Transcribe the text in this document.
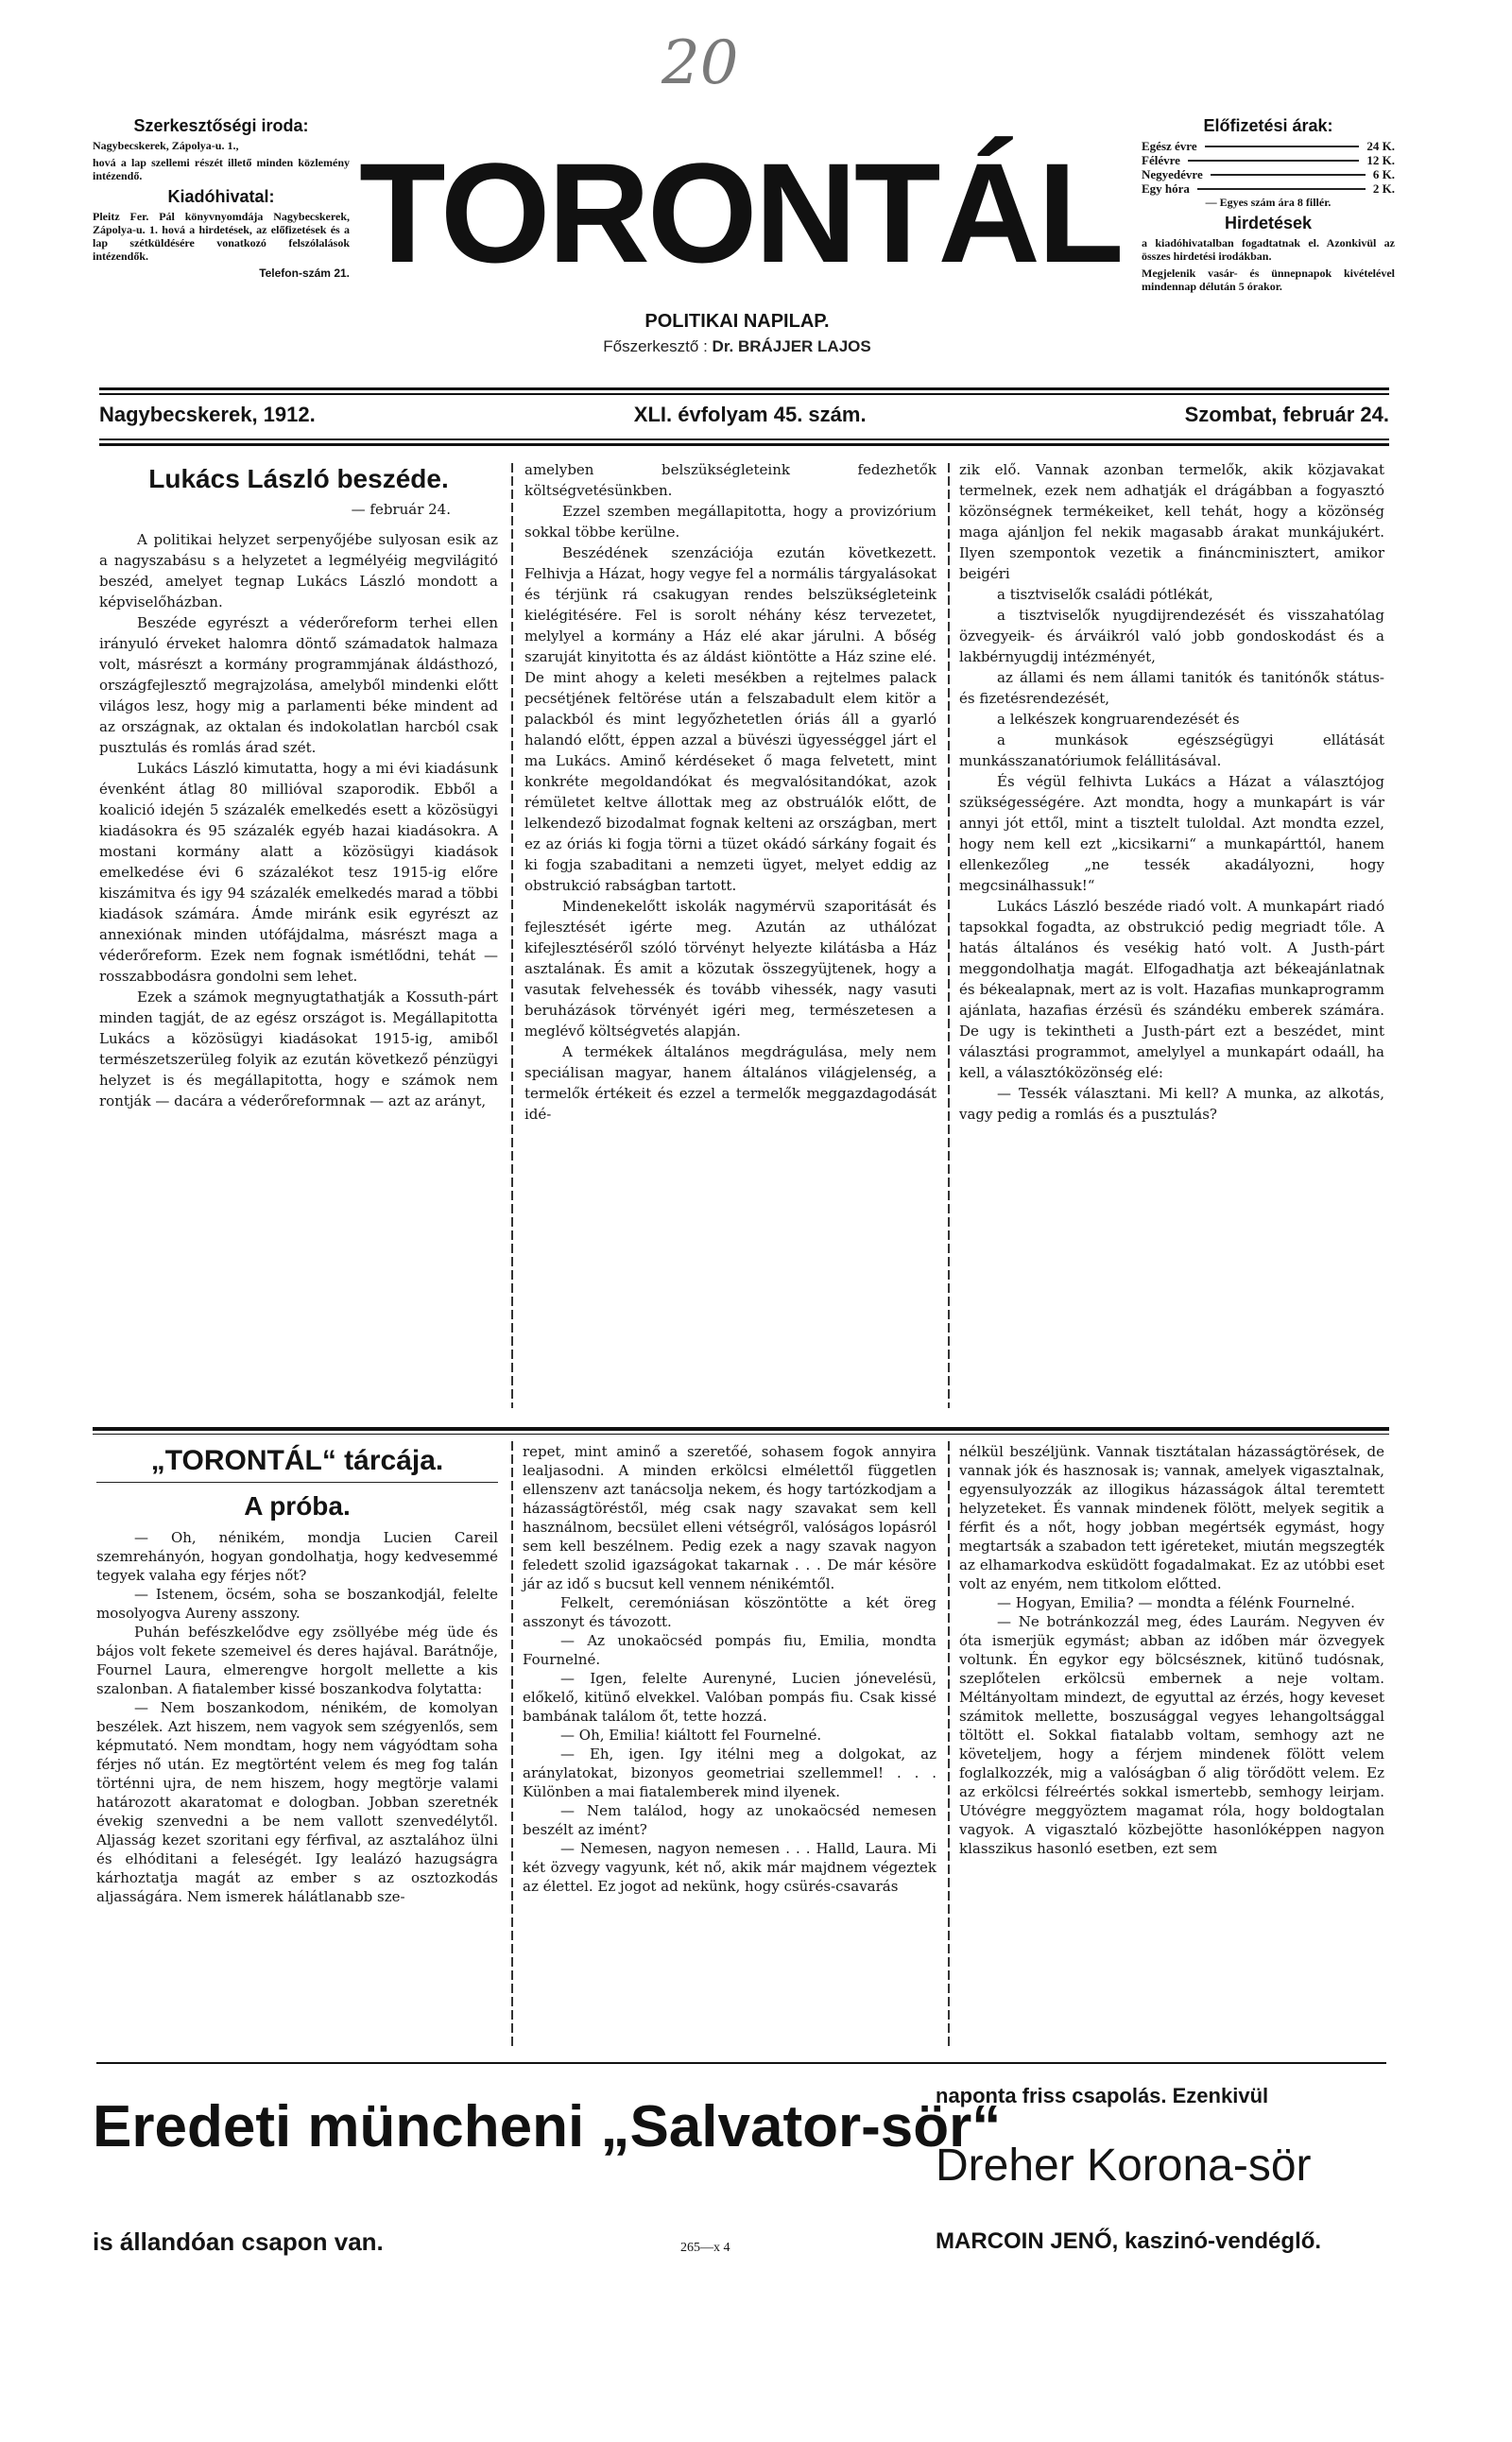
20
Szerkesztőségi iroda:
Nagybecskerek, Zápolya-u. 1.,
hová a lap szellemi részét illető minden közlemény intézendő.
Kiadóhivatal:
Pleitz Fer. Pál könyvnyomdája Nagybecskerek, Zápolya-u. 1. hová a hirdetések, az előfizetések és a lap szétküldésére vonatkozó felszólalások intézendők.
Telefon-szám 21. TORONTÁL
POLITIKAI NAPILAP.
Főszerkesztő : Dr. BRÁJJER LAJOS
Előfizetési árak:
Egész évre	24 K.
Félévre	12 K.
Negyedévre	6 K.
Egy hóra	2 K.
— Egyes szám ára 8 fillér.
Hirdetések
a kiadóhivatalban fogadtatnak el. Azonkivül az összes hirdetési irodákban.
Megjelenik vasár- és ünnepnapok kivételével mindennap délután 5 órakor.
Nagybecskerek, 1912.	XLI. évfolyam 45. szám.	Szombat, február 24.
Lukács László beszéde.
— február 24.

A politikai helyzet serpenyőjébe sulyosan esik az a nagyszabásu s a helyzetet a legmélyéig megvilágitó beszéd, amelyet tegnap Lukács László mondott a képviselőházban.

Beszéde egyrészt a véderőreform terhei ellen irányuló érveket halomra döntő számadatok halmaza volt, másrészt a kormány programmjának áldásthozó, országfejlesztő megrajzolása, amelyből mindenki előtt világos lesz, hogy mig a parlamenti béke mindent ad az országnak, az oktalan és indokolatlan harcból csak pusztulás és romlás árad szét.

Lukács László kimutatta, hogy a mi évi kiadásunk évenként átlag 80 millióval szaporodik. Ebből a koalició idején 5 százalék emelkedés esett a közösügyi kiadásokra és 95 százalék egyéb hazai kiadásokra. A mostani kormány alatt a közösügyi kiadások emelkedése évi 6 százalékot tesz 1915-ig előre kiszámitva és igy 94 százalék emelkedés marad a többi kiadások számára. Ámde miránk esik egyrészt az annexiónak minden utófájdalma, másrészt maga a véderőreform. Ezek nem fognak ismétlődni, tehát — rosszabbodásra gondolni sem lehet.

Ezek a számok megnyugtathatják a Kossuth-párt minden tagját, de az egész országot is. Megállapitotta Lukács a közösügyi kiadásokat 1915-ig, amiből természetszerüleg folyik az ezután következő pénzügyi helyzet is és megállapitotta, hogy e számok nem rontják — dacára a véderőreformnak — azt az arányt,

amelyben belszükségleteink fedezhetők költségvetésünkben.

Ezzel szemben megállapitotta, hogy a provizórium sokkal többe kerülne.

Beszédének szenzációja ezután következett. Felhivja a Házat, hogy vegye fel a normális tárgyalásokat és térjünk rá csakugyan rendes belszükségleteink kielégitésére. Fel is sorolt néhány kész tervezetet, melylyel a kormány a Ház elé akar járulni. A bőség szaruját kinyitotta és az áldást kiöntötte a Ház szine elé. De mint ahogy a keleti mesékben a rejtelmes palack pecsétjének feltörése után a felszabadult elem kitör a palackból és mint legyőzhetetlen óriás áll a gyarló halandó előtt, éppen azzal a büvészi ügyességgel járt el ma Lukács. Aminő kérdéseket ő maga felvetett, mint konkréte megoldandókat és megvalósitandókat, azok rémületet keltve állottak meg az obstruálók előtt, de lelkendező bizodalmat fognak kelteni az országban, mert ez az óriás ki fogja törni a tüzet okádó sárkány fogait és ki fogja szabaditani a nemzeti ügyet, melyet eddig az obstrukció rabságban tartott.

Mindenekelőtt iskolák nagymérvü szaporitását és fejlesztését igérte meg. Azután az uthálózat kifejlesztéséről szóló törvényt helyezte kilátásba a Ház asztalának. És amit a közutak összegyüjtenek, hogy a vasutak felvehessék és tovább vihessék, nagy vasuti beruházások törvényét igéri meg, természetesen a meglévő költségvetés alapján.

A termékek általános megdrágulása, mely nem speciálisan magyar, hanem általános világjelenség, a termelők értékeit és ezzel a termelők meggazdagodását idé-

zik elő. Vannak azonban termelők, akik közjavakat termelnek, ezek nem adhatják el drágábban a fogyasztó közönségnek termékeiket, kell tehát, hogy a közönség maga ajánljon fel nekik magasabb árakat munkájukért. Ilyen szempontok vezetik a fináncminisztert, amikor beigéri

a tisztviselők családi pótlékát,

a tisztviselők nyugdijrendezését és visszahatólag özvegyeik- és árváikról való jobb gondoskodást és a lakbérnyugdij intézményét,

az állami és nem állami tanitók és tanitónők státus- és fizetésrendezését,

a lelkészek kongruarendezését és

a munkások egészségügyi ellátását munkásszanatóriumok felállitásával.

És végül felhivta Lukács a Házat a választójog szükségességére. Azt mondta, hogy a munkapárt is vár annyi jót ettől, mint a tisztelt tuloldal. Azt mondta ezzel, hogy nem kell ezt „kicsikarni“ a munkapárttól, hanem ellenkezőleg „ne tessék akadályozni, hogy megcsinálhassuk!“

Lukács László beszéde riadó volt. A munkapárt riadó tapsokkal fogadta, az obstrukció pedig megriadt tőle. A hatás általános és vesékig ható volt. A Justh-párt meggondolhatja magát. Elfogadhatja azt békeajánlatnak és békealapnak, mert az is volt. Hazafias munkaprogramm ajánlata, hazafias érzésü és szándéku emberek számára. De ugy is tekintheti a Justh-párt ezt a beszédet, mint választási programmot, amelylyel a munkapárt odaáll, ha kell, a választóközönség elé:

— Tessék választani. Mi kell? A munka, az alkotás, vagy pedig a romlás és a pusztulás?

„TORONTÁL“ tárcája.
A próba.

— Oh, nénikém, mondja Lucien Careil szemrehányón, hogyan gondolhatja, hogy kedvesemmé tegyek valaha egy férjes nőt?

— Istenem, öcsém, soha se boszankodjál, felelte mosolyogva Aureny asszony.

Puhán befészkelődve egy zsöllyébe még üde és bájos volt fekete szemeivel és deres hajával. Barátnője, Fournel Laura, elmerengve horgolt mellette a kis szalonban. A fiatalember kissé boszankodva folytatta:

— Nem boszankodom, nénikém, de komolyan beszélek. Azt hiszem, nem vagyok sem szégyenlős, sem képmutató. Nem mondtam, hogy nem vágyódtam soha férjes nő után. Ez megtörtént velem és meg fog talán történni ujra, de nem hiszem, hogy megtörje valami határozott akaratomat e dologban. Jobban szeretnék évekig szenvedni a be nem vallott szenvedélytől. Aljasság kezet szoritani egy férfival, az asztalához ülni és elhóditani a feleségét. Igy lealázó hazugságra kárhoztatja magát az ember s az osztozkodás aljasságára. Nem ismerek hálátlanabb sze-

repet, mint aminő a szeretőé, sohasem fogok annyira lealjasodni. A minden erkölcsi elmélettől független ellenszenv azt tanácsolja nekem, és hogy tartózkodjam a házasságtöréstől, még csak nagy szavakat sem kell használnom, becsület elleni vétségről, valóságos lopásról sem kell beszélnem. Pedig ezek a nagy szavak nagyon feledett szolid igazságokat takarnak . . . De már késöre jár az idő s bucsut kell vennem nénikémtől.

Felkelt, ceremóniásan köszöntötte a két öreg asszonyt és távozott.

— Az unokaöcséd pompás fiu, Emilia, mondta Fournelné.

— Igen, felelte Aurenyné, Lucien jónevelésü, előkelő, kitünő elvekkel. Valóban pompás fiu. Csak kissé bambának találom őt, tette hozzá.

— Oh, Emilia! kiáltott fel Fournelné.

— Eh, igen. Igy itélni meg a dolgokat, az aránylatokat, bizonyos geometriai szellemmel! . . . Különben a mai fiatalemberek mind ilyenek.

— Nem találod, hogy az unokaöcséd nemesen beszélt az imént?

— Nemesen, nagyon nemesen . . . Halld, Laura. Mi két özvegy vagyunk, két nő, akik már majdnem végeztek az élettel. Ez jogot ad nekünk, hogy csürés-csavarás

nélkül beszéljünk. Vannak tisztátalan házasságtörések, de vannak jók és hasznosak is; vannak, amelyek vigasztalnak, egyensulyozzák az illogikus házasságok által teremtett helyzeteket. És vannak mindenek fölött, melyek segitik a férfit és a nőt, hogy jobban megértsék egymást, hogy megtartsák a szabadon tett igéreteket, miután megszegték az elhamarkodva esküdött fogadalmakat. Ez az utóbbi eset volt az enyém, nem titkolom előtted.

— Hogyan, Emilia? — mondta a félénk Fournelné.

— Ne botránkozzál meg, édes Laurám. Negyven év óta ismerjük egymást; abban az időben már özvegyek voltunk. Én egykor egy bölcsésznek, kitünő tudósnak, szeplőtelen erkölcsü embernek a neje voltam. Méltányoltam mindezt, de egyuttal az érzés, hogy keveset számitok mellette, boszusággal vegyes lehangoltsággal töltött el. Sokkal fiatalabb voltam, semhogy azt ne követeljem, hogy a férjem mindenek fölött velem foglalkozzék, mig a valóságban ő alig törődött velem. Ez az erkölcsi félreértés sokkal ismertebb, semhogy leirjam. Utóvégre meggyöztem magamat róla, hogy boldogtalan vagyok. A vigasztaló közbejötte hasonlóképpen nagyon klasszikus hasonló esetben, ezt sem

Eredeti müncheni „Salvator-sör“
is állandóan csapon van.	265—x 4
naponta friss csapolás. Ezenkivül
Dreher Korona-sör
MARCOIN JENŐ, kaszinó-vendéglő.
